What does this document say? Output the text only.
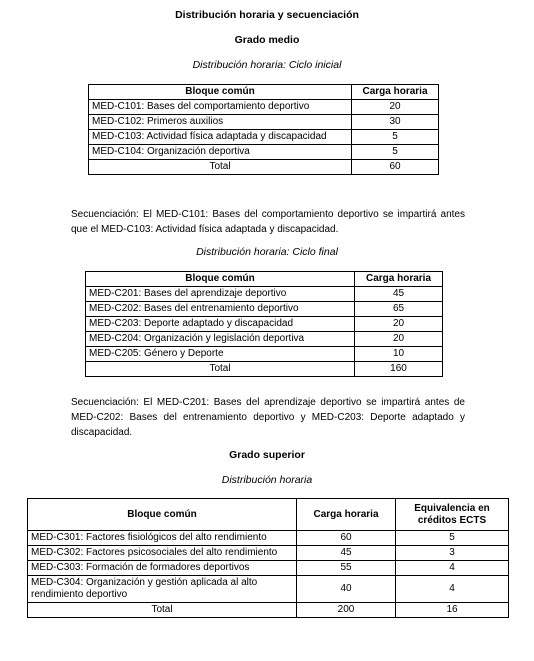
Distribución horaria y secuenciación
Grado medio
Distribución horaria: Ciclo inicial
Bloque común	Carga horaria
MED-C101: Bases del comportamiento deportivo	20
MED-C102: Primeros auxilios	30
MED-C103: Actividad física adaptada y discapacidad	5
MED-C104: Organización deportiva	5
Total	60
Secuenciación: El MED-C101: Bases del comportamiento deportivo se impartirá antes que el MED-C103: Actividad física adaptada y discapacidad.
Distribución horaria: Ciclo final
Bloque común	Carga horaria
MED-C201: Bases del aprendizaje deportivo	45
MED-C202: Bases del entrenamiento deportivo	65
MED-C203: Deporte adaptado y discapacidad	20
MED-C204: Organización y legislación deportiva	20
MED-C205: Género y Deporte	10
Total	160
Secuenciación: El MED-C201: Bases del aprendizaje deportivo se impartirá antes de MED-C202: Bases del entrenamiento deportivo y MED-C203: Deporte adaptado y discapacidad.
Grado superior
Distribución horaria
Bloque común	Carga horaria	Equivalencia en créditos ECTS
MED-C301: Factores fisiológicos del alto rendimiento	60	5
MED-C302: Factores psicosociales del alto rendimiento	45	3
MED-C303: Formación de formadores deportivos	55	4
MED-C304: Organización y gestión aplicada al alto rendimiento deportivo	40	4
Total	200	16
